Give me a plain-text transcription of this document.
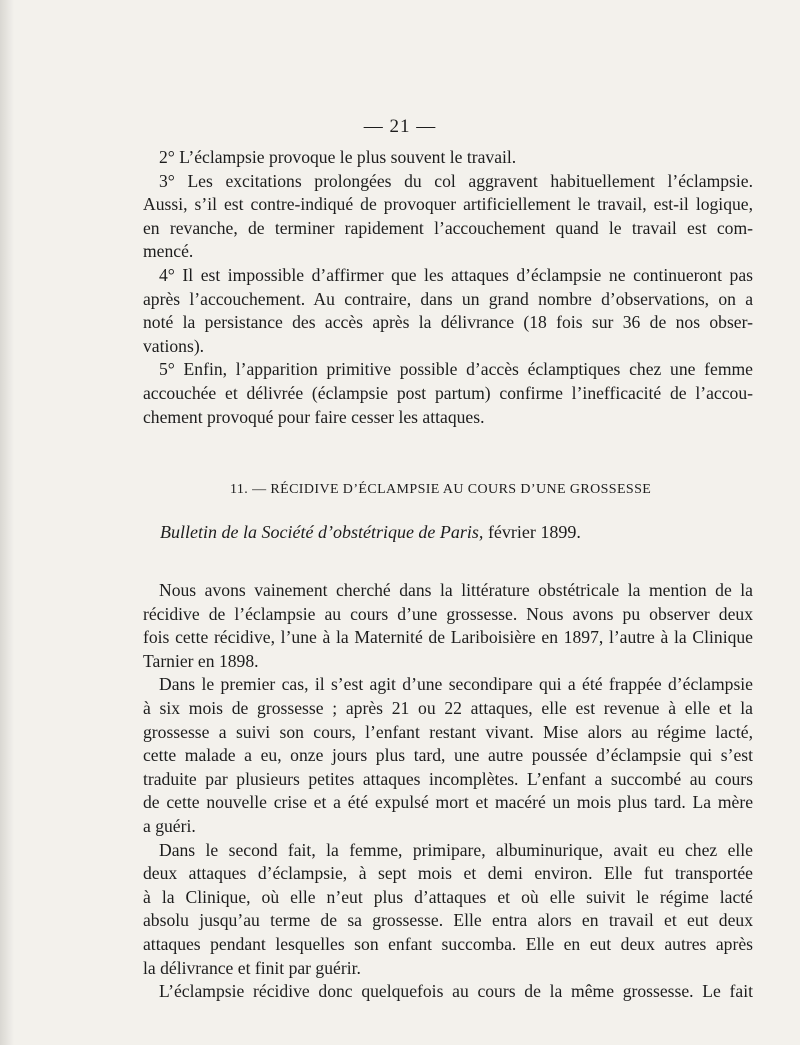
— 21 —
2° L’éclampsie provoque le plus souvent le travail.
3° Les excitations prolongées du col aggravent habituellement l’éclampsie.
Aussi, s’il est contre-indiqué de provoquer artificiellement le travail, est-il logique,
en revanche, de terminer rapidement l’accouchement quand le travail est com-
mencé.
4° Il est impossible d’affirmer que les attaques d’éclampsie ne continueront pas
après l’accouchement. Au contraire, dans un grand nombre d’observations, on a
noté la persistance des accès après la délivrance (18 fois sur 36 de nos obser-
vations).
5° Enfin, l’apparition primitive possible d’accès éclamptiques chez une femme
accouchée et délivrée (éclampsie post partum) confirme l’inefficacité de l’accou-
chement provoqué pour faire cesser les attaques.
11. — RÉCIDIVE D’ÉCLAMPSIE AU COURS D’UNE GROSSESSE
Bulletin de la Société d’obstétrique de Paris, février 1899.
Nous avons vainement cherché dans la littérature obstétricale la mention de la
récidive de l’éclampsie au cours d’une grossesse. Nous avons pu observer deux
fois cette récidive, l’une à la Maternité de Lariboisière en 1897, l’autre à la Clinique
Tarnier en 1898.
Dans le premier cas, il s’est agit d’une secondipare qui a été frappée d’éclampsie
à six mois de grossesse ; après 21 ou 22 attaques, elle est revenue à elle et la
grossesse a suivi son cours, l’enfant restant vivant. Mise alors au régime lacté,
cette malade a eu, onze jours plus tard, une autre poussée d’éclampsie qui s’est
traduite par plusieurs petites attaques incomplètes. L’enfant a succombé au cours
de cette nouvelle crise et a été expulsé mort et macéré un mois plus tard. La mère
a guéri.
Dans le second fait, la femme, primipare, albuminurique, avait eu chez elle
deux attaques d’éclampsie, à sept mois et demi environ. Elle fut transportée
à la Clinique, où elle n’eut plus d’attaques et où elle suivit le régime lacté
absolu jusqu’au terme de sa grossesse. Elle entra alors en travail et eut deux
attaques pendant lesquelles son enfant succomba. Elle en eut deux autres après
la délivrance et finit par guérir.
L’éclampsie récidive donc quelquefois au cours de la même grossesse. Le fait
